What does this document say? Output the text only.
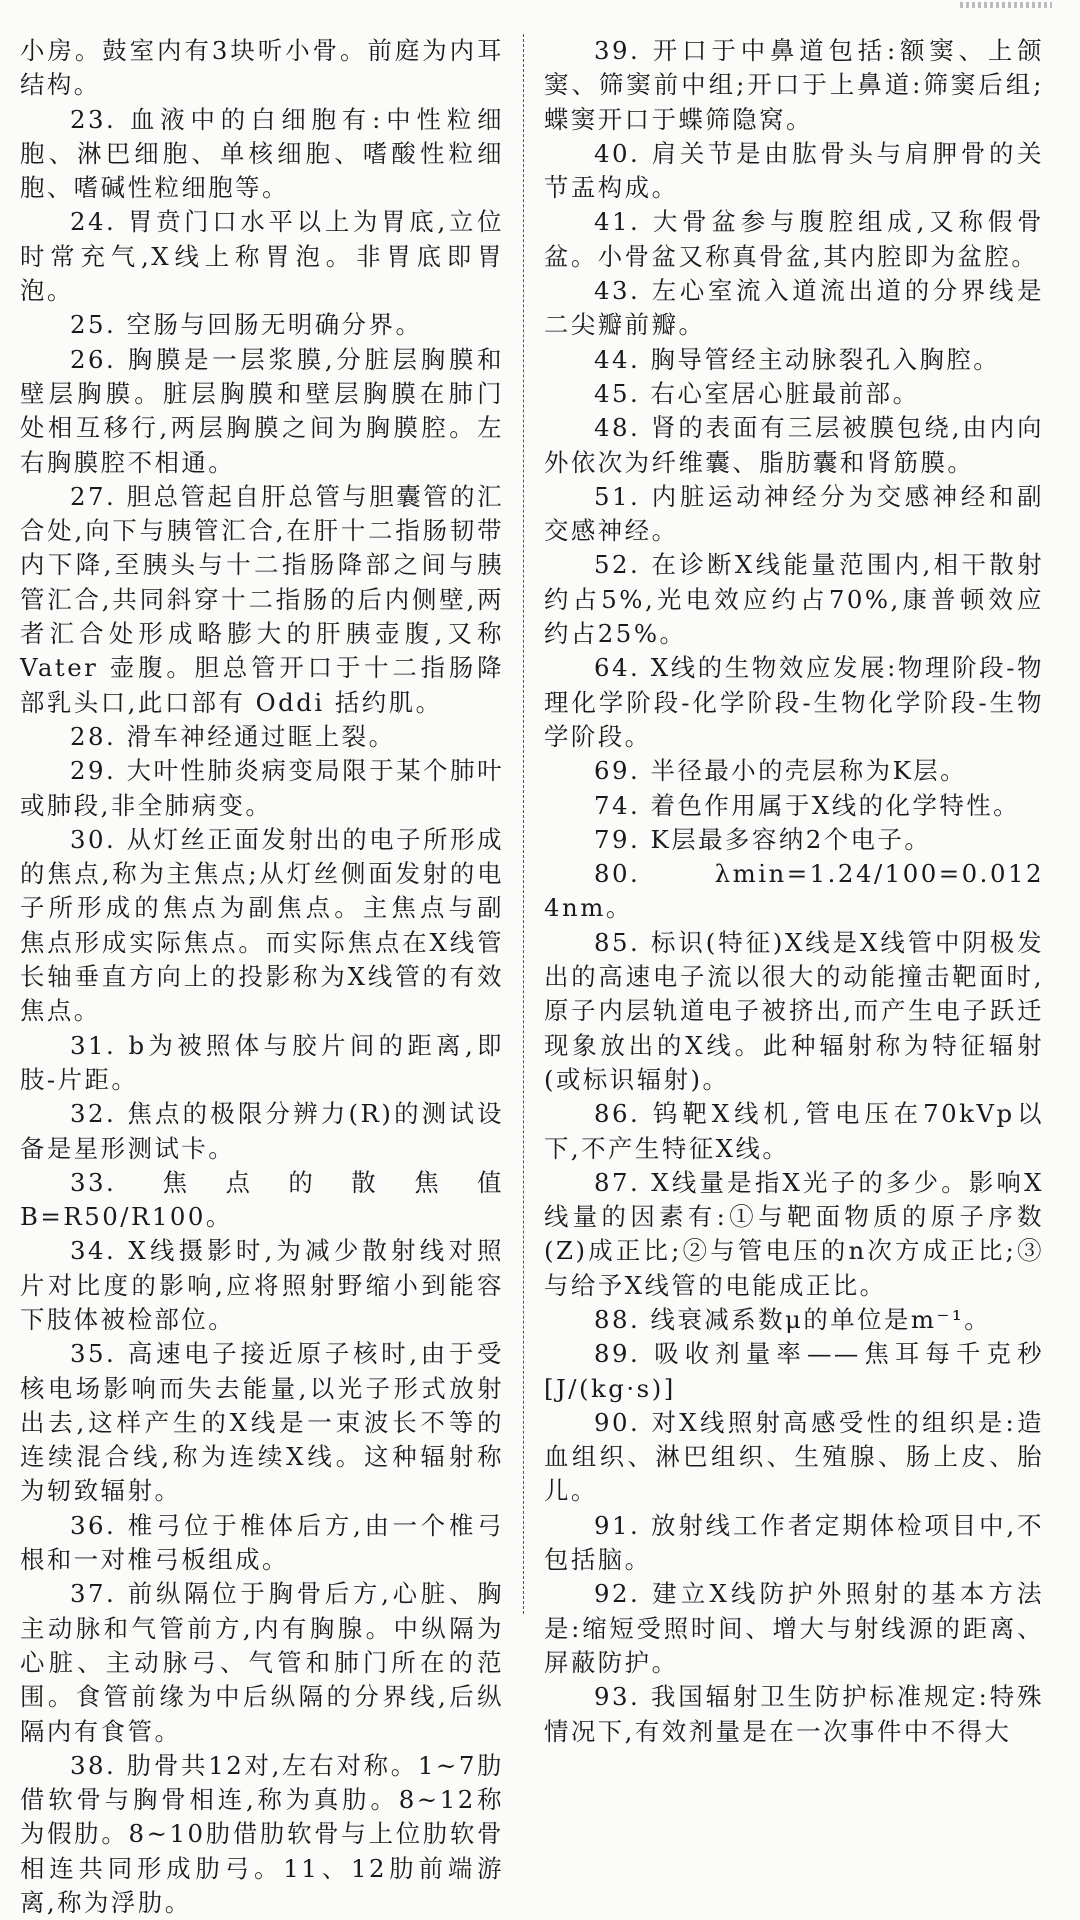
小房。鼓室内有3块听小骨。前庭为内耳结构。

23. 血液中的白细胞有:中性粒细胞、淋巴细胞、单核细胞、嗜酸性粒细胞、嗜碱性粒细胞等。

24. 胃贲门口水平以上为胃底,立位时常充气,X线上称胃泡。非胃底即胃泡。

25. 空肠与回肠无明确分界。

26. 胸膜是一层浆膜,分脏层胸膜和壁层胸膜。脏层胸膜和壁层胸膜在肺门处相互移行,两层胸膜之间为胸膜腔。左右胸膜腔不相通。

27. 胆总管起自肝总管与胆囊管的汇合处,向下与胰管汇合,在肝十二指肠韧带内下降,至胰头与十二指肠降部之间与胰管汇合,共同斜穿十二指肠的后内侧壁,两者汇合处形成略膨大的肝胰壶腹,又称 Vater 壶腹。胆总管开口于十二指肠降部乳头口,此口部有 Oddi 括约肌。

28. 滑车神经通过眶上裂。

29. 大叶性肺炎病变局限于某个肺叶或肺段,非全肺病变。

30. 从灯丝正面发射出的电子所形成的焦点,称为主焦点;从灯丝侧面发射的电子所形成的焦点为副焦点。主焦点与副焦点形成实际焦点。而实际焦点在X线管长轴垂直方向上的投影称为X线管的有效焦点。

31. b为被照体与胶片间的距离,即肢-片距。

32. 焦点的极限分辨力(R)的测试设备是星形测试卡。

33. 焦点的散焦值 B=R50/R100。

34. X线摄影时,为减少散射线对照片对比度的影响,应将照射野缩小到能容下肢体被检部位。

35. 高速电子接近原子核时,由于受核电场影响而失去能量,以光子形式放射出去,这样产生的X线是一束波长不等的连续混合线,称为连续X线。这种辐射称为轫致辐射。

36. 椎弓位于椎体后方,由一个椎弓根和一对椎弓板组成。

37. 前纵隔位于胸骨后方,心脏、胸主动脉和气管前方,内有胸腺。中纵隔为心脏、主动脉弓、气管和肺门所在的范围。食管前缘为中后纵隔的分界线,后纵隔内有食管。

38. 肋骨共12对,左右对称。1~7肋借软骨与胸骨相连,称为真肋。8~12称为假肋。8~10肋借肋软骨与上位肋软骨相连共同形成肋弓。11、12肋前端游离,称为浮肋。

39. 开口于中鼻道包括:额窦、上颌窦、筛窦前中组;开口于上鼻道:筛窦后组;蝶窦开口于蝶筛隐窝。

40. 肩关节是由肱骨头与肩胛骨的关节盂构成。

41. 大骨盆参与腹腔组成,又称假骨盆。小骨盆又称真骨盆,其内腔即为盆腔。

43. 左心室流入道流出道的分界线是二尖瓣前瓣。

44. 胸导管经主动脉裂孔入胸腔。

45. 右心室居心脏最前部。

48. 肾的表面有三层被膜包绕,由内向外依次为纤维囊、脂肪囊和肾筋膜。

51. 内脏运动神经分为交感神经和副交感神经。

52. 在诊断X线能量范围内,相干散射约占5%,光电效应约占70%,康普顿效应约占25%。

64. X线的生物效应发展:物理阶段-物理化学阶段-化学阶段-生物化学阶段-生物学阶段。

69. 半径最小的壳层称为K层。

74. 着色作用属于X线的化学特性。

79. K层最多容纳2个电子。

80. λmin=1.24/100=0.012 4nm。

85. 标识(特征)X线是X线管中阴极发出的高速电子流以很大的动能撞击靶面时,原子内层轨道电子被挤出,而产生电子跃迁现象放出的X线。此种辐射称为特征辐射(或标识辐射)。

86. 钨靶X线机,管电压在70kVp以下,不产生特征X线。

87. X线量是指X光子的多少。影响X线量的因素有:①与靶面物质的原子序数(Z)成正比;②与管电压的n次方成正比;③与给予X线管的电能成正比。

88. 线衰减系数μ的单位是m⁻¹。

89. 吸收剂量率——焦耳每千克秒[J/(kg·s)]

90. 对X线照射高感受性的组织是:造血组织、淋巴组织、生殖腺、肠上皮、胎儿。

91. 放射线工作者定期体检项目中,不包括脑。

92. 建立X线防护外照射的基本方法是:缩短受照时间、增大与射线源的距离、屏蔽防护。

93. 我国辐射卫生防护标准规定:特殊情况下,有效剂量是在一次事件中不得大
